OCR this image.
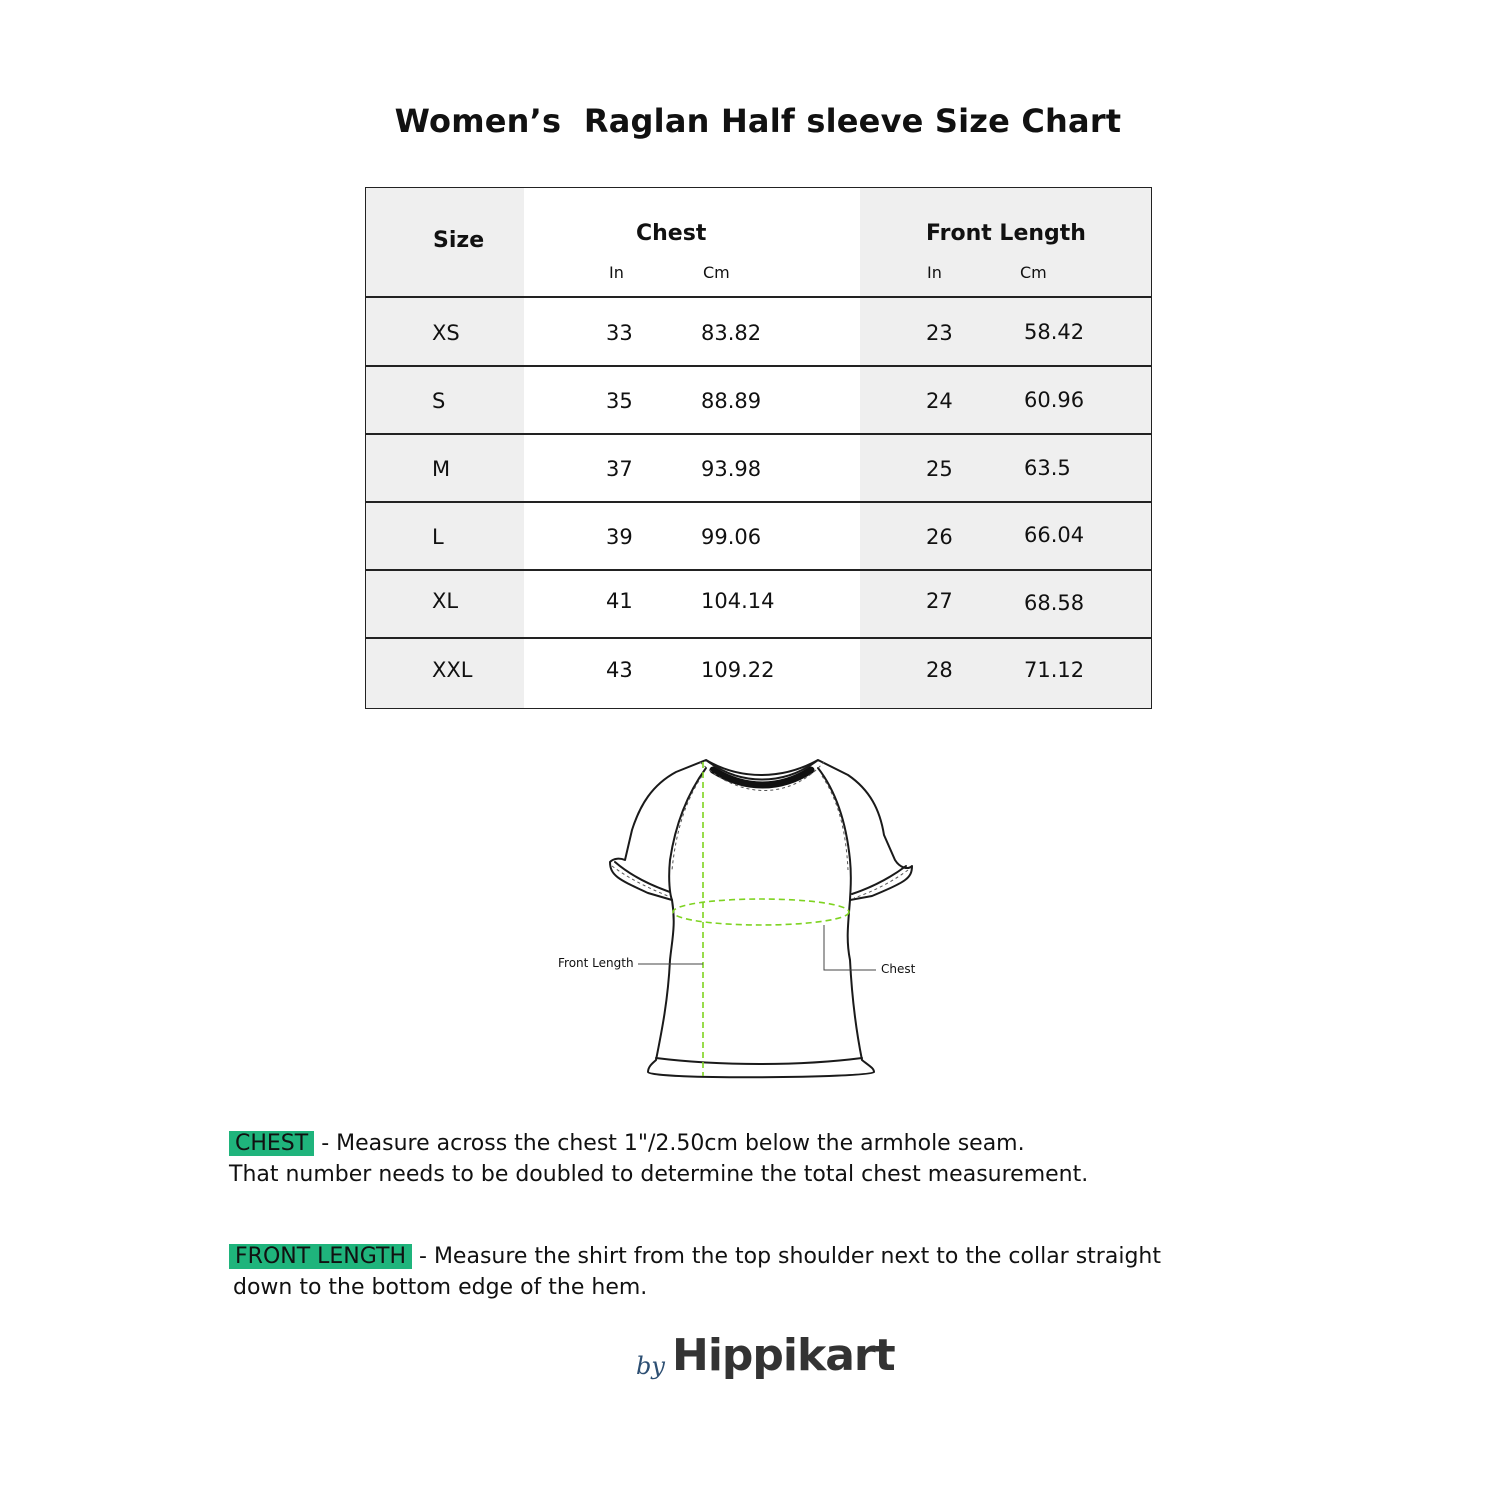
Women’s  Raglan Half sleeve Size Chart
Size	Chest	Front Length
In	Cm	In	Cm
XS	33	83.82	23	58.42
S	35	88.89	24	60.96
M	37	93.98	25	63.5
L	39	99.06	26	66.04
XL	41	104.14	27	68.58
XXL	43	109.22	28	71.12
Front Length	Chest
CHEST - Measure across the chest 1"/2.50cm below the armhole seam.
That number needs to be doubled to determine the total chest measurement.
FRONT LENGTH - Measure the shirt from the top shoulder next to the collar straight
down to the bottom edge of the hem.
by Hippikart
